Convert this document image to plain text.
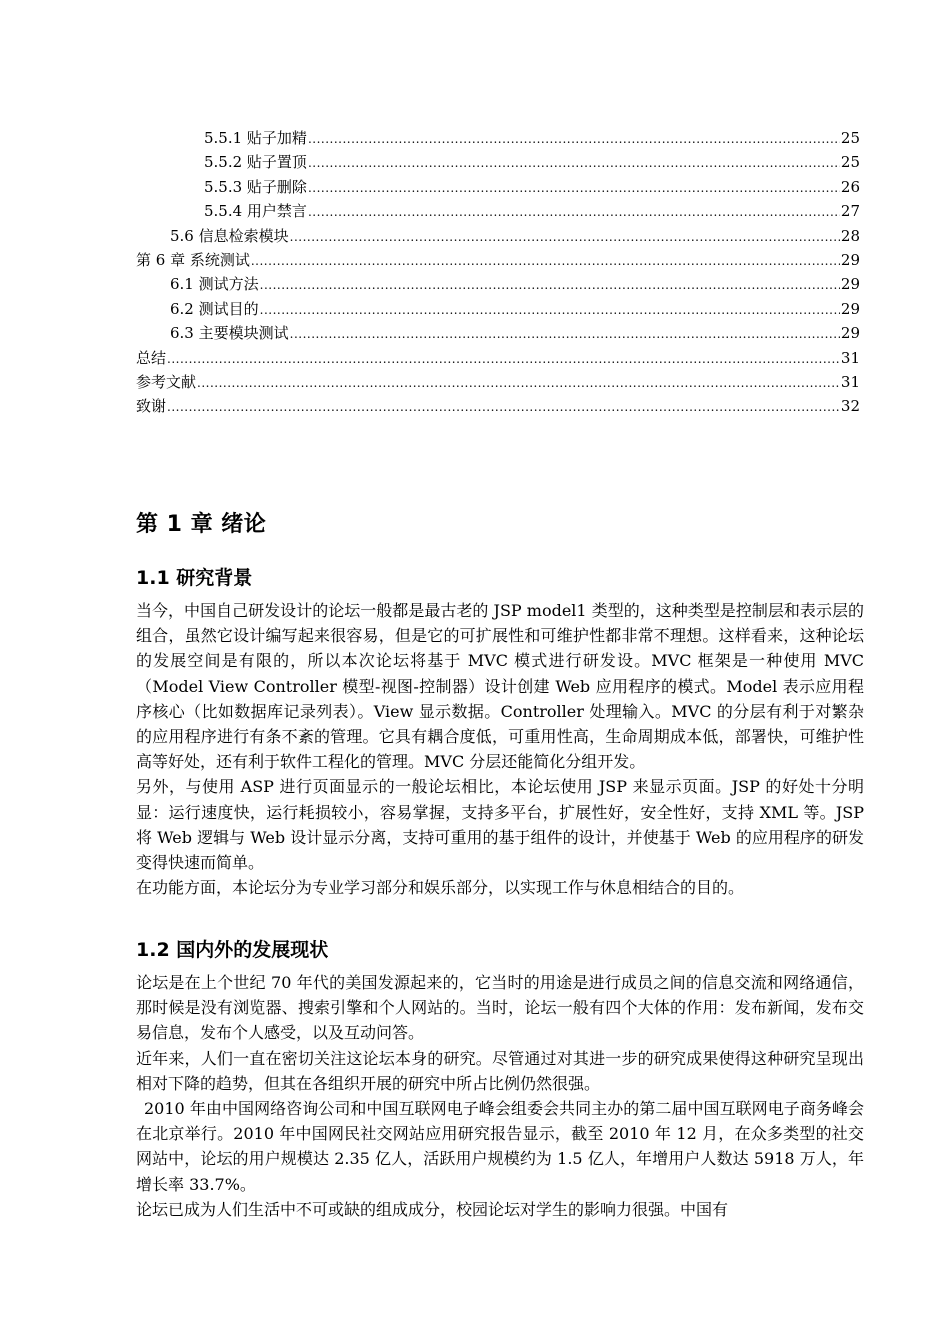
5.5.1 贴子加精 .....	25
5.5.2 贴子置顶 .....	25
5.5.3 贴子删除 .....	26
5.5.4 用户禁言 .....	27
5.6 信息检索模块 .....	28
第 6 章 系统测试 .....	29
6.1 测试方法 .....	29
6.2 测试目的 .....	29
6.3 主要模块测试 .....	29
总结 .....	31
参考文献 .....	31
致谢 .....	32
第 1 章 绪论
1.1 研究背景

当今，中国自己研发设计的论坛一般都是最古老的 JSP model1 类型的，这种类型是控制层和表示层的组合，虽然它设计编写起来很容易，但是它的可扩展性和可维护性都非常不理想。这样看来，这种论坛的发展空间是有限的，所以本次论坛将基于 MVC 模式进行研发设。MVC 框架是一种使用 MVC（Model View Controller 模型-视图-控制器）设计创建 Web 应用程序的模式。Model 表示应用程序核心（比如数据库记录列表）。View 显示数据。Controller 处理输入。MVC 的分层有利于对繁杂的应用程序进行有条不紊的管理。它具有耦合度低，可重用性高，生命周期成本低，部署快，可维护性高等好处，还有利于软件工程化的管理。MVC 分层还能简化分组开发。

另外，与使用 ASP 进行页面显示的一般论坛相比，本论坛使用 JSP 来显示页面。JSP 的好处十分明显：运行速度快，运行耗损较小，容易掌握，支持多平台，扩展性好，安全性好，支持 XML 等。JSP 将 Web 逻辑与 Web 设计显示分离，支持可重用的基于组件的设计，并使基于 Web 的应用程序的研发变得快速而简单。

在功能方面，本论坛分为专业学习部分和娱乐部分，以实现工作与休息相结合的目的。

1.2 国内外的发展现状

论坛是在上个世纪 70 年代的美国发源起来的，它当时的用途是进行成员之间的信息交流和网络通信，那时候是没有浏览器、搜索引擎和个人网站的。当时，论坛一般有四个大体的作用：发布新闻，发布交易信息，发布个人感受，以及互动问答。

近年来，人们一直在密切关注这论坛本身的研究。尽管通过对其进一步的研究成果使得这种研究呈现出相对下降的趋势，但其在各组织开展的研究中所占比例仍然很强。

2010 年由中国网络咨询公司和中国互联网电子峰会组委会共同主办的第二届中国互联网电子商务峰会在北京举行。2010 年中国网民社交网站应用研究报告显示，截至 2010 年 12 月，在众多类型的社交网站中，论坛的用户规模达 2.35 亿人，活跃用户规模约为 1.5 亿人，年增用户人数达 5918 万人，年增长率 33.7%。

论坛已成为人们生活中不可或缺的组成成分，校园论坛对学生的影响力很强。中国有
